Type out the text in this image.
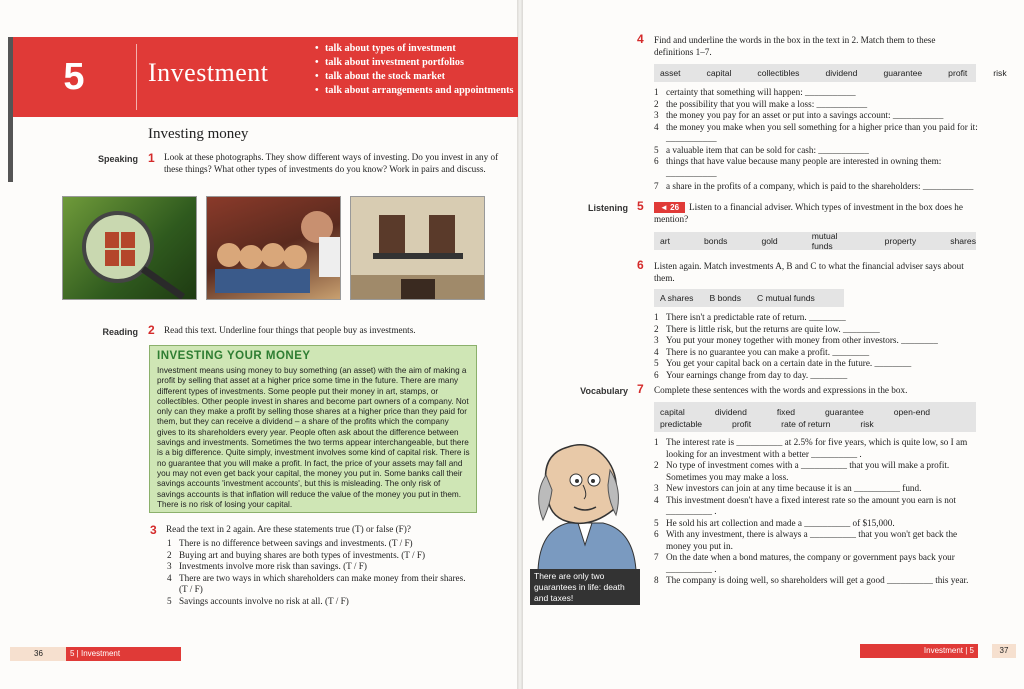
5	Investment
• talk about types of investment
• talk about investment portfolios
• talk about the stock market
• talk about arrangements and appointments
Investing money
Speaking 1 Look at these photographs. They show different ways of investing. Do you invest in any of these things? What other types of investments do you know? Work in pairs and discuss.
Reading 2 Read this text. Underline four things that people buy as investments.
INVESTING YOUR MONEY
Investment means using money to buy something (an asset) with the aim of making a profit by selling that asset at a higher price some time in the future. There are many different types of investments. Some people put their money in art, stamps, or collectibles. Other people invest in shares and become part owners of a company. Not only can they make a profit by selling those shares at a higher price than they paid for them, but they can receive a dividend – a share of the profits which the company gives to its shareholders every year. People often ask about the difference between savings and investments. Sometimes the two terms appear interchangeable, but there is a big difference. Quite simply, investment involves some kind of capital risk. There is no guarantee that you will make a profit. In fact, the price of your assets may fall and you may not even get back your capital, the money you put in. Some banks call their savings accounts 'investment accounts', but this is misleading. The only risk of savings accounts is that inflation will reduce the value of the money you put in them. There is no risk of losing your capital.
3 Read the text in 2 again. Are these statements true (T) or false (F)?
1 There is no difference between savings and investments. (T / F)
2 Buying art and buying shares are both types of investments. (T / F)
3 Investments involve more risk than savings. (T / F)
4 There are two ways in which shareholders can make money from their shares. (T / F)
5 Savings accounts involve no risk at all. (T / F)
36	5 | Investment
4 Find and underline the words in the box in the text in 2. Match them to these definitions 1–7.
asset	capital	collectibles	dividend	guarantee	profit	risk
1 certainty that something will happen: ___________
2 the possibility that you will make a loss: ___________
3 the money you pay for an asset or put into a savings account: ___________
4 the money you make when you sell something for a higher price than you paid for it: ___________
5 a valuable item that can be sold for cash: ___________
6 things that have value because many people are interested in owning them: ___________
7 a share in the profits of a company, which is paid to the shareholders: ___________
Listening 5	◄ 26 Listen to a financial adviser. Which types of investment in the box does he mention?
art	bonds	gold	mutual funds	property	shares
6 Listen again. Match investments A, B and C to what the financial adviser says about them.
A shares B bonds C mutual funds
1 There isn't a predictable rate of return. ________
2 There is little risk, but the returns are quite low. ________
3 You put your money together with money from other investors. ________
4 There is no guarantee you can make a profit. ________
5 You get your capital back on a certain date in the future. ________
6 Your earnings change from day to day. ________
Vocabulary 7 Complete these sentences with the words and expressions in the box.
capital	dividend	fixed	guarantee	open-end
predictable	profit	rate of return	risk
1 The interest rate is __________ at 2.5% for five years, which is quite low, so I am looking for an investment with a better __________ .
2 No type of investment comes with a __________ that you will make a profit. Sometimes you may make a loss.
3 New investors can join at any time because it is an __________ fund.
4 This investment doesn't have a fixed interest rate so the amount you earn is not __________ .
5 He sold his art collection and made a __________ of $15,000.
6 With any investment, there is always a __________ that you won't get back the money you put in.
7 On the date when a bond matures, the company or government pays back your __________ .
8 The company is doing well, so shareholders will get a good __________ this year.
There are only two guarantees in life: death and taxes!
Investment | 5	37
